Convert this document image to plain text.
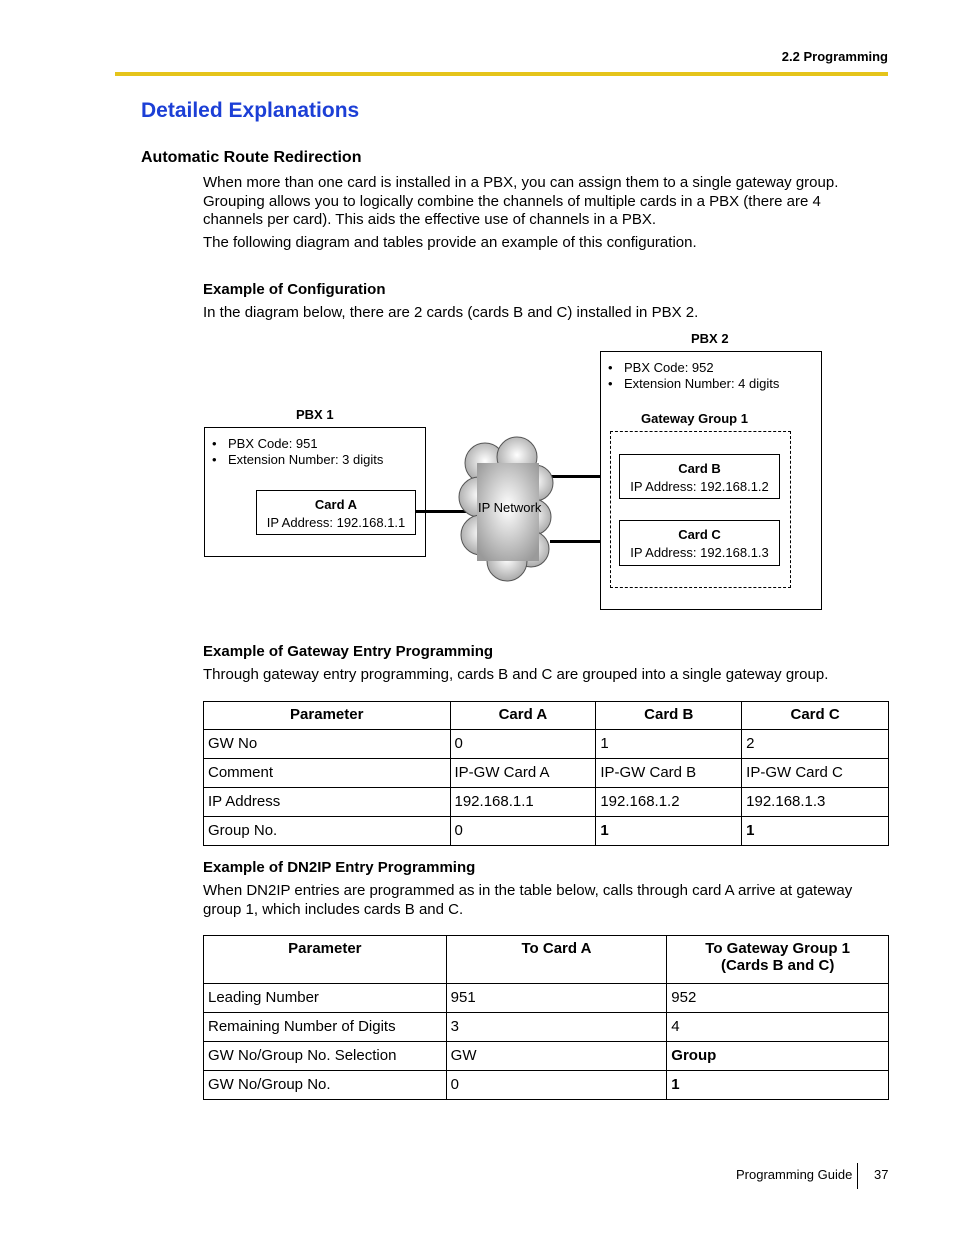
2.2 Programming
Detailed Explanations
Automatic Route Redirection
When more than one card is installed in a PBX, you can assign them to a single gateway group. Grouping allows you to logically combine the channels of multiple cards in a PBX (there are 4 channels per card). This aids the effective use of channels in a PBX.
The following diagram and tables provide an example of this configuration.
Example of Configuration
In the diagram below, there are 2 cards (cards B and C) installed in PBX 2.
PBX 1
• PBX Code: 951
• Extension Number: 3 digits
Card A
IP Address: 192.168.1.1
IP Network
PBX 2
• PBX Code: 952
• Extension Number: 4 digits
Gateway Group 1
Card B
IP Address: 192.168.1.2
Card C
IP Address: 192.168.1.3
Example of Gateway Entry Programming
Through gateway entry programming, cards B and C are grouped into a single gateway group.
Parameter	Card A	Card B	Card C
GW No	0	1	2
Comment	IP-GW Card A	IP-GW Card B	IP-GW Card C
IP Address	192.168.1.1	192.168.1.2	192.168.1.3
Group No.	0	1	1
Example of DN2IP Entry Programming
When DN2IP entries are programmed as in the table below, calls through card A arrive at gateway group 1, which includes cards B and C.
Parameter	To Card A	To Gateway Group 1
(Cards B and C)

Leading Number	951	952
Remaining Number of Digits	3	4
GW No/Group No. Selection	GW	Group
GW No/Group No.	0	1
Programming Guide 37
